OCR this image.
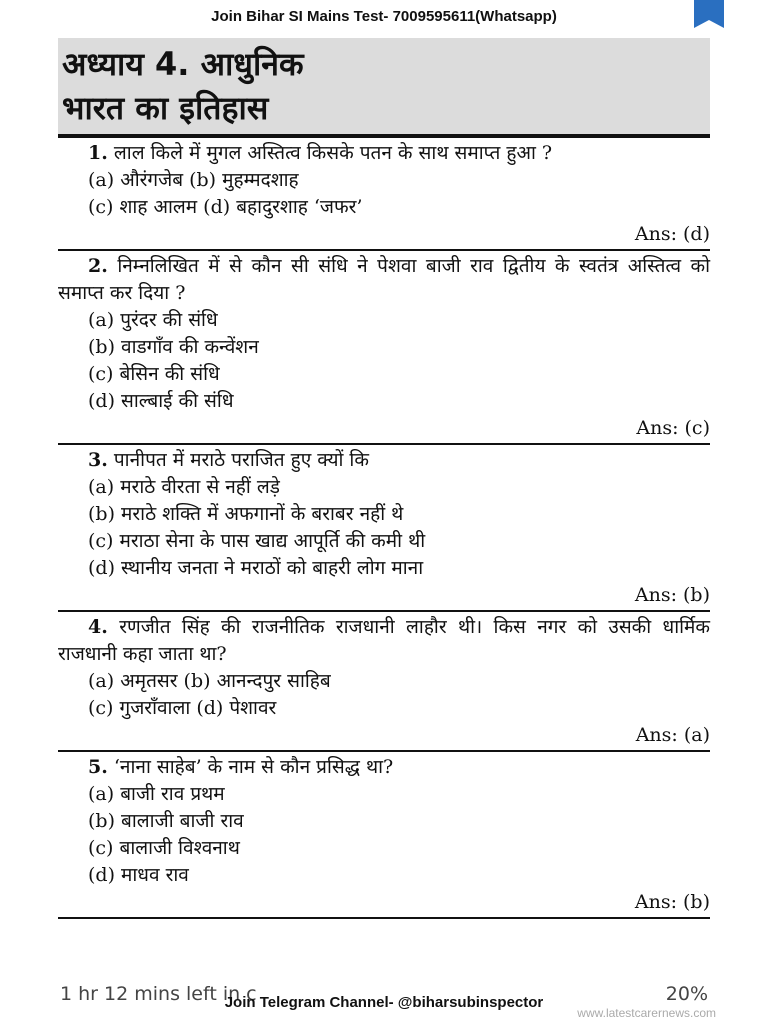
Join Bihar SI Mains Test- 7009595611(Whatsapp)
अध्याय 4. आधुनिक
भारत का इतिहास

1. लाल किले में मुगल अस्तित्व किसके पतन के साथ समाप्त हुआ ?

(a) औरंगजेब (b) मुहम्मदशाह

(c) शाह आलम (d) बहादुरशाह ‘जफर’

Ans: (d)

2. निम्नलिखित में से कौन सी संधि ने पेशवा बाजी राव द्वितीय के स्वतंत्र अस्तित्व को समाप्त कर दिया ?

(a) पुरंदर की संधि

(b) वाडगाँव की कन्वेंशन

(c) बेसिन की संधि

(d) साल्बाई की संधि

Ans: (c)

3. पानीपत में मराठे पराजित हुए क्यों कि

(a) मराठे वीरता से नहीं लड़े

(b) मराठे शक्ति में अफगानों के बराबर नहीं थे

(c) मराठा सेना के पास खाद्य आपूर्ति की कमी थी

(d) स्थानीय जनता ने मराठों को बाहरी लोग माना

Ans: (b)

4. रणजीत सिंह की राजनीतिक राजधानी लाहौर थी। किस नगर को उसकी धार्मिक राजधानी कहा जाता था?

(a) अमृतसर (b) आनन्दपुर साहिब

(c) गुजराँवाला (d) पेशावर

Ans: (a)

5. ‘नाना साहेब’ के नाम से कौन प्रसिद्ध था?

(a) बाजी राव प्रथम

(b) बालाजी बाजी राव

(c) बालाजी विश्वनाथ

(d) माधव राव

Ans: (b)

1 hr 12 mins left in c	20%
Join Telegram Channel- @biharsubinspector
www.latestcarernews.com
